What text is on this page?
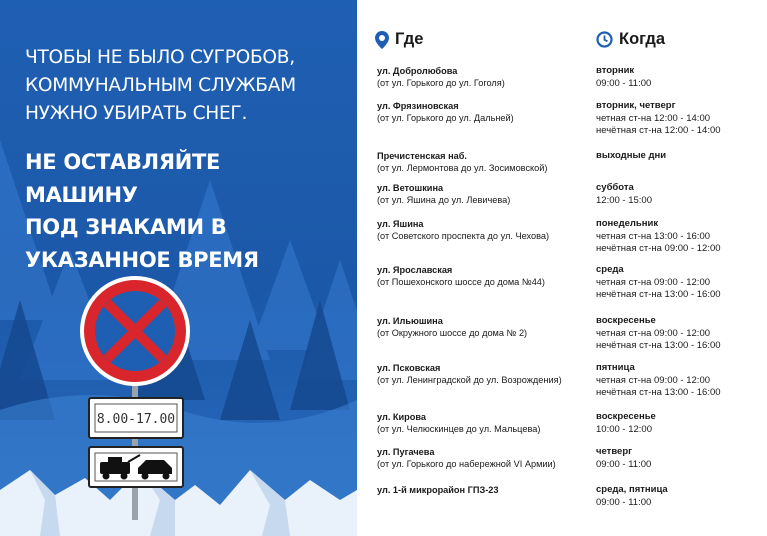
ЧТОБЫ НЕ БЫЛО СУГРОБОВ,
КОММУНАЛЬНЫМ СЛУЖБАМ
НУЖНО УБИРАТЬ СНЕГ.
НЕ ОСТАВЛЯЙТЕ
МАШИНУ
ПОД ЗНАКАМИ В
УКАЗАННОЕ ВРЕМЯ
8.00-17.00
Где	Когда
ул. Добролюбова
(от ул. Горького до ул. Гоголя)
вторник
09:00 - 11:00
ул. Фрязиновская
(от ул. Горького до ул. Дальней)
вторник, четверг
четная ст-на 12:00 - 14:00
нечётная ст-на 12:00 - 14:00
Пречистенская наб.
(от ул. Лермонтова до ул. Зосимовской)
выходные дни
ул. Ветошкина
(от ул. Яшина до ул. Левичева)
суббота
12:00 - 15:00
ул. Яшина
(от Советского проспекта до ул. Чехова)
понедельник
четная ст-на 13:00 - 16:00
нечётная ст-на 09:00 - 12:00
ул. Ярославская
(от Пошехонского шоссе до дома №44)
среда
четная ст-на 09:00 - 12:00
нечётная ст-на 13:00 - 16:00
ул. Ильюшина
(от Окружного шоссе до дома № 2)
воскресенье
четная ст-на 09:00 - 12:00
нечётная ст-на 13:00 - 16:00
ул. Псковская
(от ул. Ленинградской до ул. Возрождения)
пятница
четная ст-на 09:00 - 12:00
нечётная ст-на 13:00 - 16:00
ул. Кирова
(от ул. Челюскинцев до ул. Мальцева)
воскресенье
10:00 - 12:00
ул. Пугачева
(от ул. Горького до набережной VI Армии)
четверг
09:00 - 11:00
ул. 1-й микрорайон ГПЗ-23	среда, пятница
09:00 - 11:00
